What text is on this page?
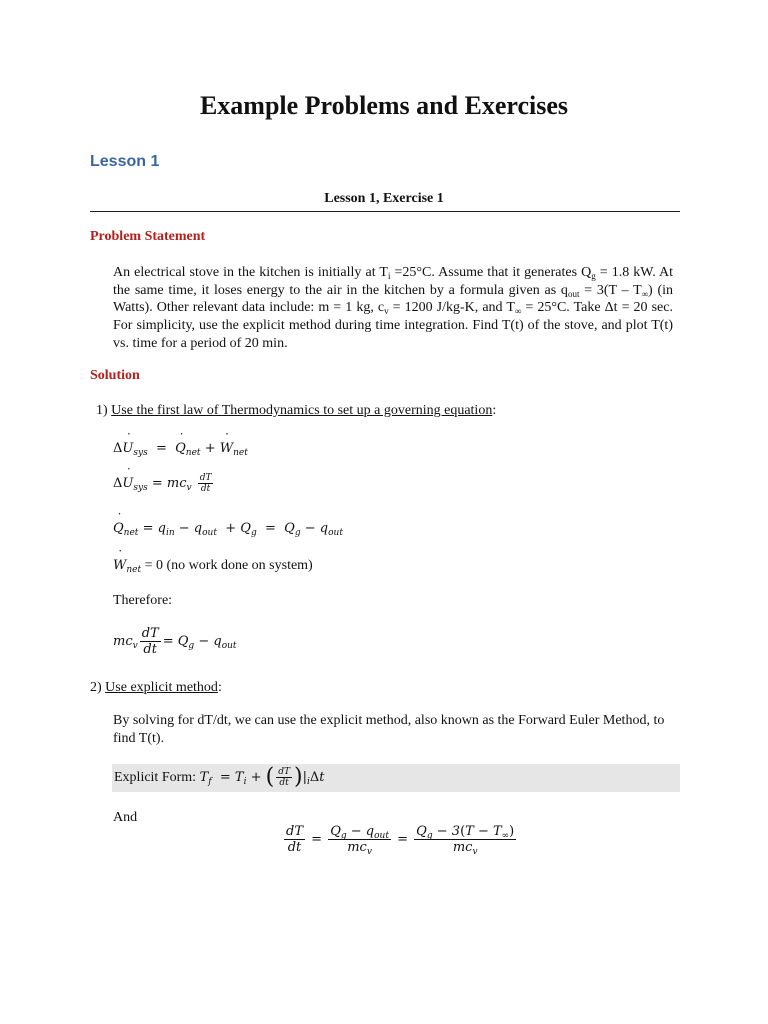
Example Problems and Exercises
Lesson 1
Lesson 1, Exercise 1
Problem Statement
An electrical stove in the kitchen is initially at $T_i =25^\circ C$. Assume that it generates $Q_g = 1.8$ kW. At the same time, it loses energy to the air in the kitchen by a formula given as $q_{out} = 3(T - T_\infty)$ (in Watts). Other relevant data include: m = 1 kg, $c_v = 1200$ J/kg-K, and $T_\infty = 25^\circ C$. Take Δt = 20 sec. For simplicity, use the explicit method during time integration. Find T(t) of the stove, and plot T(t) vs. time for a period of 20 min.
Solution
1) Use the first law of Thermodynamics to set up a governing equation:
ΔU $˙_{sys} = Q$ $˙_{net} + W$ $˙_{net}$
ΔU $˙_{sys} = mc_v \frac{dT}{dt}$
Q $˙_{net} = q_{in} - q_{out} + Q_g = Q_g - q_{out}$
W $˙_{net} = 0$ (no work done on system)
Therefore:
$mc_v \frac{dT}{dt} = Q_g - q_{out}$
2) Use explicit method:
By solving for dT/dt, we can use the explicit method, also known as the Forward Euler Method, to find T(t).
Explicit Form: $T_f = T_i$ + ( $\frac{dT}{dt} )|_i\Delta t$
And
$\frac{dT}{dt} = \frac{Q_g - q_{out}}{mc_v} = \frac{Q_g - 3(T - T_\infty)}{mc_v}$
